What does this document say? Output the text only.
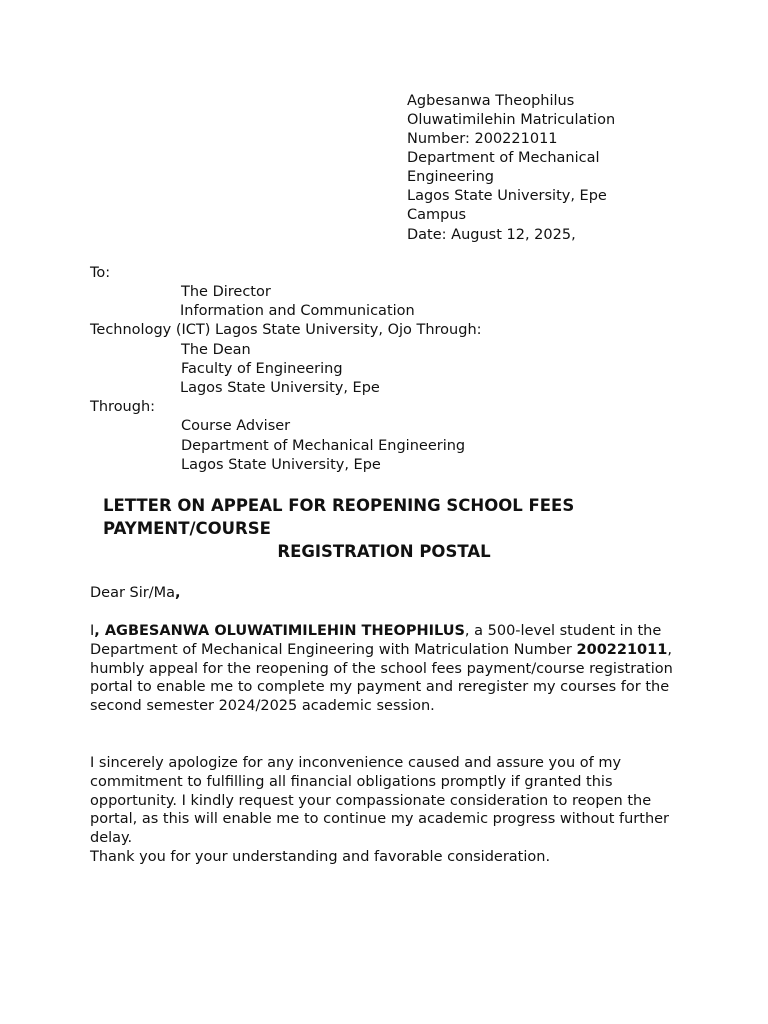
Agbesanwa Theophilus
Oluwatimilehin Matriculation
Number: 200221011
Department of Mechanical
Engineering
Lagos State University, Epe
Campus
Date: August 12, 2025,
To:
The Director
Information and Communication
Technology (ICT) Lagos State University, Ojo Through:
The Dean
Faculty of Engineering
Lagos State University, Epe
Through:
Course Adviser
Department of Mechanical Engineering
Lagos State University, Epe
LETTER ON APPEAL FOR REOPENING SCHOOL FEES
PAYMENT/COURSE
REGISTRATION POSTAL
Dear Sir/Ma,
I, AGBESANWA OLUWATIMILEHIN THEOPHILUS, a 500-level student in the Department of Mechanical Engineering with Matriculation Number 200221011, humbly appeal for the reopening of the school fees payment/course registration portal to enable me to complete my payment and reregister my courses for the second semester 2024/2025 academic session.
I sincerely apologize for any inconvenience caused and assure you of my commitment to fulfilling all financial obligations promptly if granted this opportunity. I kindly request your compassionate consideration to reopen the portal, as this will enable me to continue my academic progress without further delay.
Thank you for your understanding and favorable consideration.
